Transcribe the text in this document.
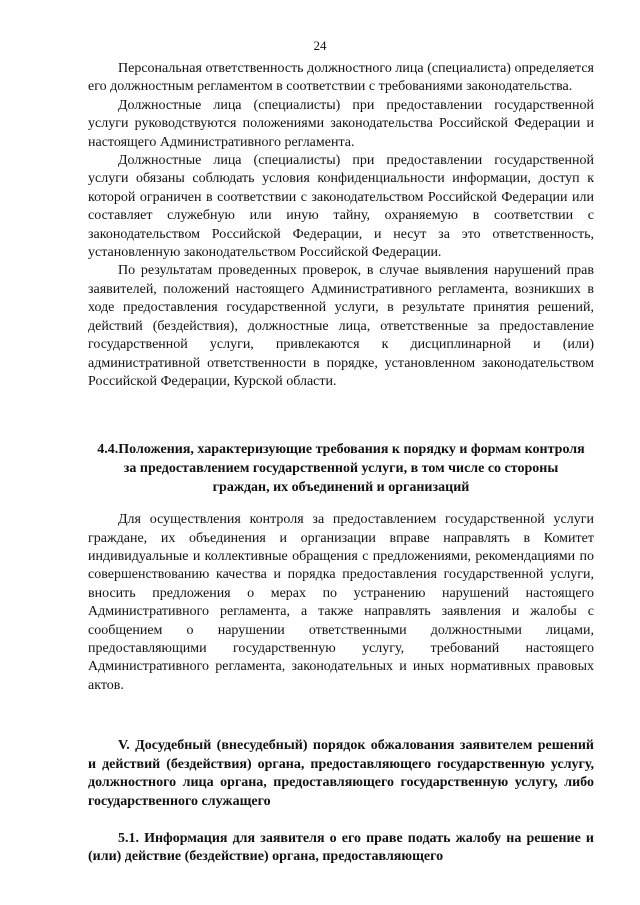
24

Персональная ответственность должностного лица (специалиста) определяется его должностным регламентом в соответствии с требованиями законодательства.

Должностные лица (специалисты) при предоставлении государственной услуги руководствуются положениями законодательства Российской Федерации и настоящего Административного регламента.

Должностные лица (специалисты) при предоставлении государственной услуги обязаны соблюдать условия конфиденциальности информации, доступ к которой ограничен в соответствии с законодательством Российской Федерации или составляет служебную или иную тайну, охраняемую в соответствии с законодательством Российской Федерации, и несут за это ответственность, установленную законодательством Российской Федерации.

По результатам проведенных проверок, в случае выявления нарушений прав заявителей, положений настоящего Административного регламента, возникших в ходе предоставления государственной услуги, в результате принятия решений, действий (бездействия), должностные лица, ответственные за предоставление государственной услуги, привлекаются к дисциплинарной и (или) административной ответственности в порядке, установленном законодательством Российской Федерации, Курской области.

4.4.Положения, характеризующие требования к порядку и формам контроля за предоставлением государственной услуги, в том числе со стороны граждан, их объединений и организаций

Для осуществления контроля за предоставлением государственной услуги граждане, их объединения и организации вправе направлять в Комитет индивидуальные и коллективные обращения с предложениями, рекомендациями по совершенствованию качества и порядка предоставления государственной услуги, вносить предложения о мерах по устранению нарушений настоящего Административного регламента, а также направлять заявления и жалобы с сообщением о нарушении ответственными должностными лицами, предоставляющими государственную услугу, требований настоящего Административного регламента, законодательных и иных нормативных правовых актов.

V. Досудебный (внесудебный) порядок обжалования заявителем решений и действий (бездействия) органа, предоставляющего государственную услугу, должностного лица органа, предоставляющего государственную услугу, либо государственного служащего
5.1. Информация для заявителя о его праве подать жалобу на решение и (или) действие (бездействие) органа, предоставляющего
